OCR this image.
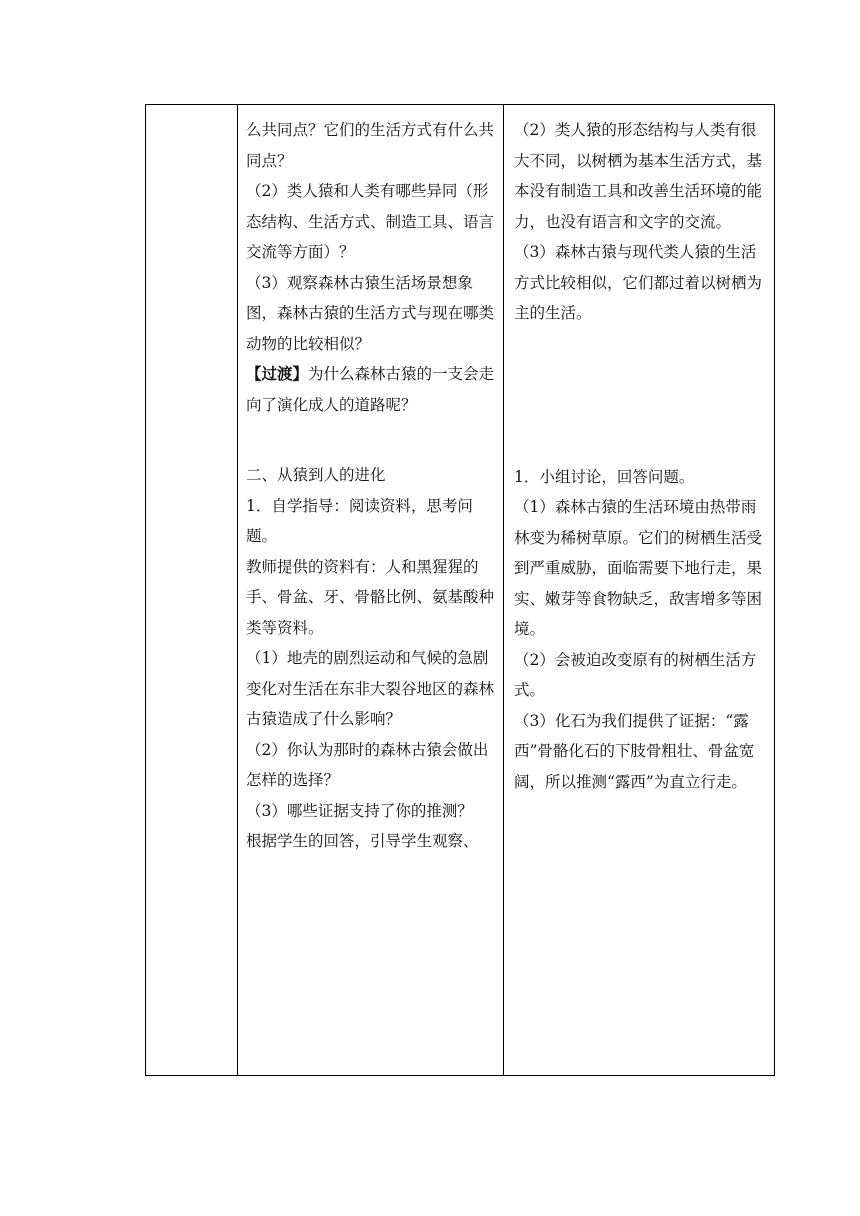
么共同点？它们的生活方式有什么共同点？

（2）类人猿和人类有哪些异同（形态结构、生活方式、制造工具、语言交流等方面）？

（3）观察森林古猿生活场景想象图，森林古猿的生活方式与现在哪类动物的比较相似？

【过渡】为什么森林古猿的一支会走向了演化成人的道路呢？

二、从猿到人的进化

1．自学指导：阅读资料，思考问题。

教师提供的资料有：人和黑猩猩的手、骨盆、牙、骨骼比例、氨基酸种类等资料。

（1）地壳的剧烈运动和气候的急剧变化对生活在东非大裂谷地区的森林古猿造成了什么影响？

（2）你认为那时的森林古猿会做出怎样的选择？

（3）哪些证据支持了你的推测？

根据学生的回答，引导学生观察、

（2）类人猿的形态结构与人类有很大不同，以树栖为基本生活方式，基本没有制造工具和改善生活环境的能力，也没有语言和文字的交流。

（3）森林古猿与现代类人猿的生活方式比较相似，它们都过着以树栖为主的生活。

1．小组讨论，回答问题。

（1）森林古猿的生活环境由热带雨林变为稀树草原。它们的树栖生活受到严重威胁，面临需要下地行走，果实、嫩芽等食物缺乏，敌害增多等困境。

（2）会被迫改变原有的树栖生活方式。

（3）化石为我们提供了证据：“露西”骨骼化石的下肢骨粗壮、骨盆宽阔，所以推测“露西”为直立行走。
